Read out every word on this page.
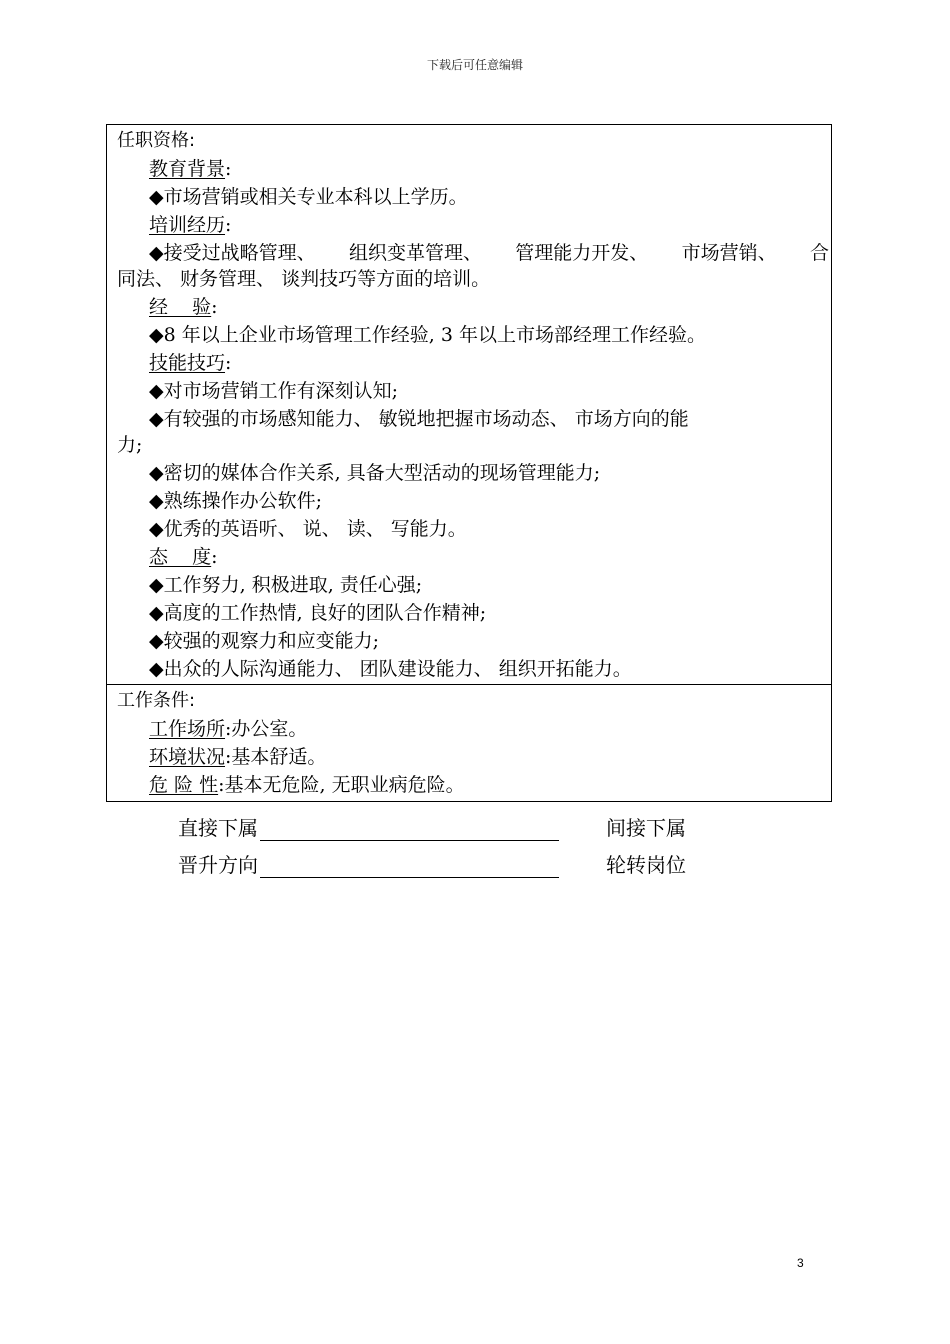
下载后可任意编辑
任职资格:
教育背景:
◆市场营销或相关专业本科以上学历。
培训经历:
◆接受过战略管理、 组织变革管理、 管理能力开发、 市场营销、 合
同法、 财务管理、 谈判技巧等方面的培训。
经    验:
◆8 年以上企业市场管理工作经验, 3 年以上市场部经理工作经验。
技能技巧:
◆对市场营销工作有深刻认知;
◆有较强的市场感知能力、 敏锐地把握市场动态、 市场方向的能
力;
◆密切的媒体合作关系, 具备大型活动的现场管理能力;
◆熟练操作办公软件;
◆优秀的英语听、 说、 读、 写能力。
态    度:
◆工作努力, 积极进取, 责任心强;
◆高度的工作热情, 良好的团队合作精神;
◆较强的观察力和应变能力;
◆出众的人际沟通能力、 团队建设能力、 组织开拓能力。
工作条件:
工作场所:办公室。
环境状况:基本舒适。
危 险 性:基本无危险, 无职业病危险。
直接下属	间接下属
晋升方向	轮转岗位
3
